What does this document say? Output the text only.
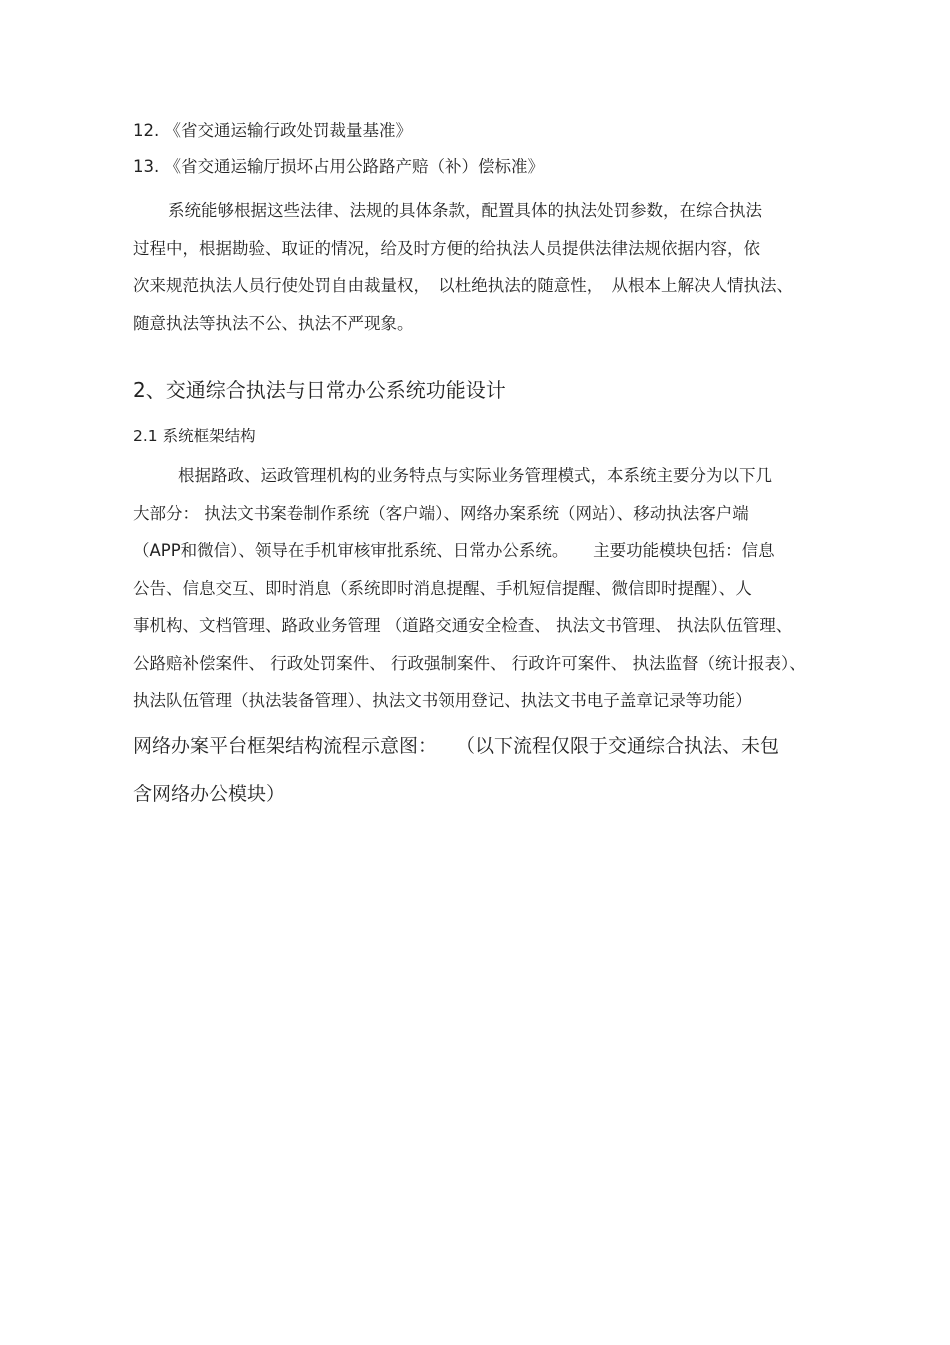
12. 《省交通运输行政处罚裁量基准》
13. 《省交通运输厅损坏占用公路路产赔（补）偿标准》
系统能够根据这些法律、法规的具体条款，配置具体的执法处罚参数，在综合执法
过程中，根据勘验、取证的情况，给及时方便的给执法人员提供法律法规依据内容，依
次来规范执法人员行使处罚自由裁量权，　以杜绝执法的随意性，　从根本上解决人情执法、
随意执法等执法不公、执法不严现象。
2、交通综合执法与日常办公系统功能设计
2.1 系统框架结构
根据路政、运政管理机构的业务特点与实际业务管理模式，本系统主要分为以下几
大部分： 执法文书案卷制作系统（客户端）、网络办案系统（网站）、移动执法客户端
（APP和微信）、领导在手机审核审批系统、日常办公系统。　　主要功能模块包括：信息
公告、信息交互、即时消息（系统即时消息提醒、手机短信提醒、微信即时提醒）、人
事机构、文档管理、路政业务管理 （道路交通安全检查、 执法文书管理、 执法队伍管理、
公路赔补偿案件、 行政处罚案件、 行政强制案件、 行政许可案件、 执法监督（统计报表）、
执法队伍管理（执法装备管理）、执法文书领用登记、执法文书电子盖章记录等功能）
网络办案平台框架结构流程示意图：　　（以下流程仅限于交通综合执法、未包
含网络办公模块）
